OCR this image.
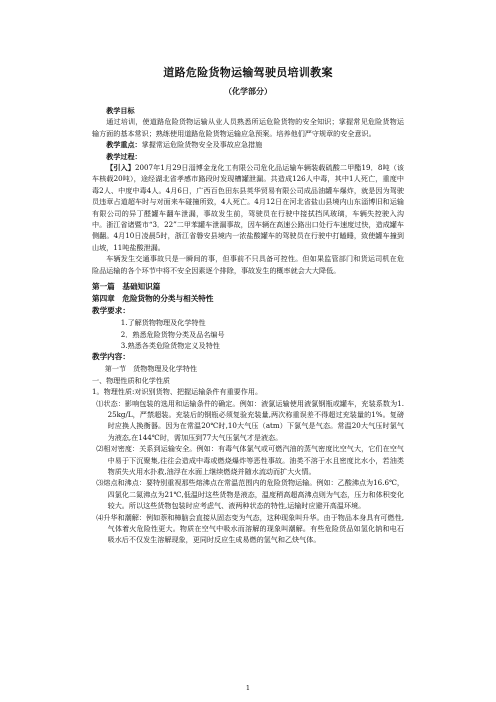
道路危险货物运输驾驶员培训教案
（化学部分）

教学目标

通过培训，使道路危险货物运输从业人员熟悉所运危险货物的安全知识；掌握常见危险货物运输方面的基本常识；熟练使用道路危险货物运输应急预案。培养他们严守规章的安全意识。

教学重点：掌握常运危险货物安全及事故应急措施

教学过程：

【引入】2007年1月29日淄博金龙化工有限公司危化品运输车辆装载硫酸二甲酯19．8吨（该车核载20吨），途经湖北省孝感市路段时发现槽罐泄漏。共造成126人中毒，其中1人死亡，重度中毒2人、中度中毒4人。4月6日，广西百色田东县英华贸易有限公司成品油罐车爆炸，就是因为驾驶员违章占道超车时与对面来车碰撞所致，4人死亡。4月12日在河北省盐山县境内山东淄博旧和运输有限公司的异丁醛罐车翻车泄漏，事故发生前，驾驶员在行驶中接拭挡风玻璃，车辆失控驶入沟中。浙江省诸暨市“3．22”二甲苯罐车泄漏事故，因车辆在高速公路出口处行车速度过快，造成罐车侧翻。4月10日凌晨5时，浙江省磐安县境内一浓盐酸罐车的驾驶员在行驶中打瞌睡，致使罐车撞到山坡，11吨盐酸泄漏。

车辆发生交通事故只是一瞬间的事，但事前不只具备可控性。但如果监管部门和货运司机在危险品运输的各个环节中将不安全因素逐个排除，事故发生的概率就会大大降低。

第一篇　基础知识篇

第四章　危险货物的分类与相关特性

教学要求：

1.了解货物物理及化学特性

2．熟悉危险货物分类及品名编号

3.熟悉各类危险货物定义及特性

教学内容：

第一节　货物物理及化学特性

一、物理性质和化学性质

1。物理性质:对识别货物、把握运输条件有重要作用。

⑴状态：影响包装的选用和运输条件的确定。例如：液氯运输使用液氯钢瓶或罐车，充装系数为1.25kg/L，严禁超装。充装后的钢瓶必须复验充装量,两次称重误差不得超过充装量的1%。复磅时应换人换衡器。因为在常温20℃时,10大气压（atm）下氯气是气态。常温20大气压时氯气为液态,在144℃时，需加压到77大气压氯气才是液态。

⑵相对密度：关系到运输安全。例如：有毒气体氯气或可燃汽油的蒸气密度比空气大，它们在空气中易于下沉聚集,往往会造成中毒或燃烧爆炸等恶性事故。油类不溶于水且密度比水小，若油类物质失火用水扑救,油浮在水面上继续燃烧并随水流动而扩大火情。

⑶熔点和沸点：要特别重视那些熔沸点在常温范围内的危险货物运输。例如：乙酸沸点为16.6℃，四氯化二氮沸点为21℃,低温时这些货物是液态，温度稍高超高沸点则为气态，压力和体积变化较大。所以这些货物包装时应考虑气、液两种状态的特性,运输时应避开高温环境。

⑷升华和潮解：例如萘和樟脑会直接从固态变为气态，这种现象叫升华。由于物品本身具有可燃性,气体着火危险性更大。物质在空气中吸水而溶解的现象叫潮解。有些危险货品如氢化钠和电石吸水后不仅发生溶解现象，更同时反应生成易燃的氢气和乙炔气体。

1
